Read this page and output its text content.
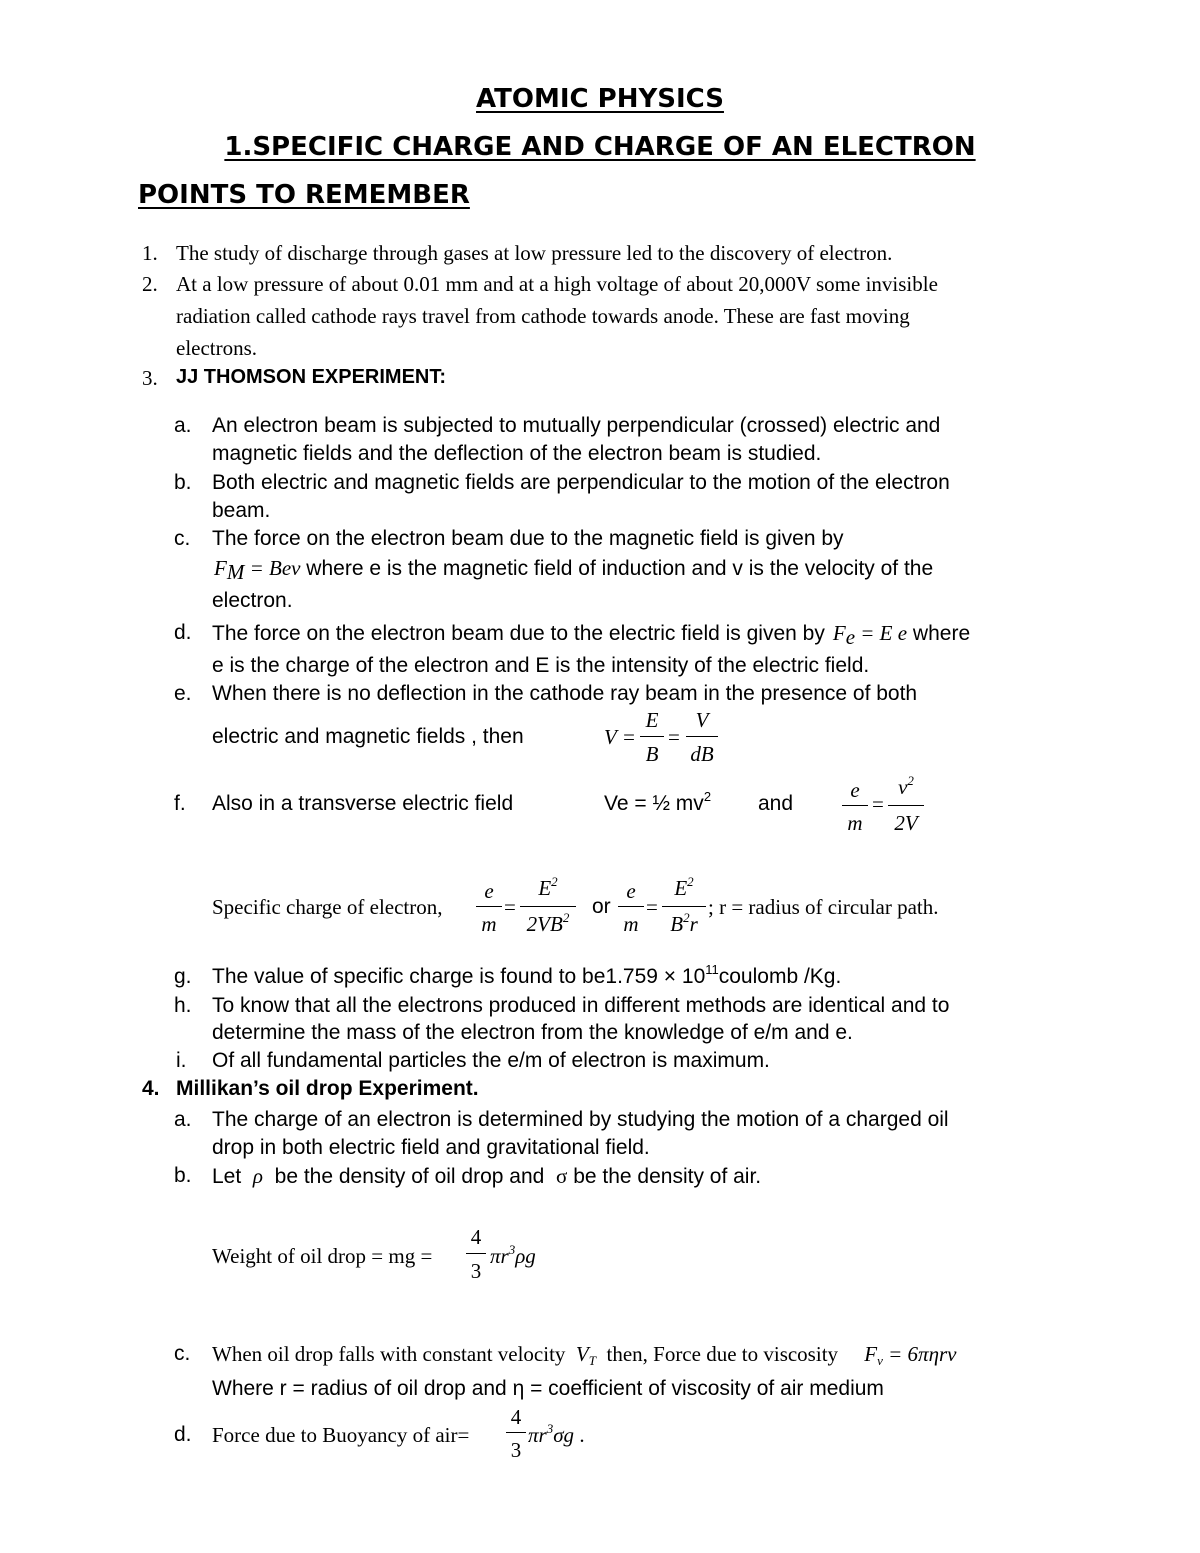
ATOMIC PHYSICS
1.SPECIFIC CHARGE AND CHARGE OF AN ELECTRON
POINTS TO REMEMBER
1. The study of discharge through gases at low pressure led to the discovery of electron.
2. At a low pressure of about 0.01 mm and at a high voltage of about 20,000V some invisible
radiation called cathode rays travel from cathode towards anode. These are fast moving
electrons.
3. JJ THOMSON EXPERIMENT:
a. An electron beam is subjected to mutually perpendicular (crossed) electric and
magnetic fields and the deflection of the electron beam is studied.
b. Both electric and magnetic fields are perpendicular to the motion of the electron
beam.
c. The force on the electron beam due to the magnetic field is given by
$F_M$ = Bev where e is the magnetic field of induction and v is the velocity of the
electron.
d. The force on the electron beam due to the electric field is given by $F_e = E$ e where
e is the charge of the electron and E is the intensity of the electric field.
e. When there is no deflection in the cathode ray beam in the presence of both
electric and magnetic fields , then	V =
E
B
=
V
dB
f. Also in a transverse electric field	Ve = ½ $mv^2$ and
e
m
=
$v^2$
2V
Specific charge of electron,
e
m
=
$E^2$
$2VB^2$	or
e
m
=
$E^2$
$B^2r$
; r = radius of circular path.
g. The value of specific charge is found to $be1.759 \times 10^{11}coulomb$ /Kg.
h. To know that all the electrons produced in different methods are identical and to
determine the mass of the electron from the knowledge of e/m and e.
i. Of all fundamental particles the e/m of electron is maximum.
4. Millikan’s oil drop Experiment.
a. The charge of an electron is determined by studying the motion of a charged oil
drop in both electric field and gravitational field.
b. Let ρ be the density of oil drop and σ be the density of air.
Weight of oil drop = mg =
4
3
$\pi r^3\rho g$
c. When oil drop falls with constant velocity $V_T$ then, Force due to viscosity $F_v = 6\pi\eta rv$
Where r = radius of oil drop and η = coefficient of viscosity of air medium
d. Force due to Buoyancy of air=
4
3
$\pi r^3\sigma g$ .
